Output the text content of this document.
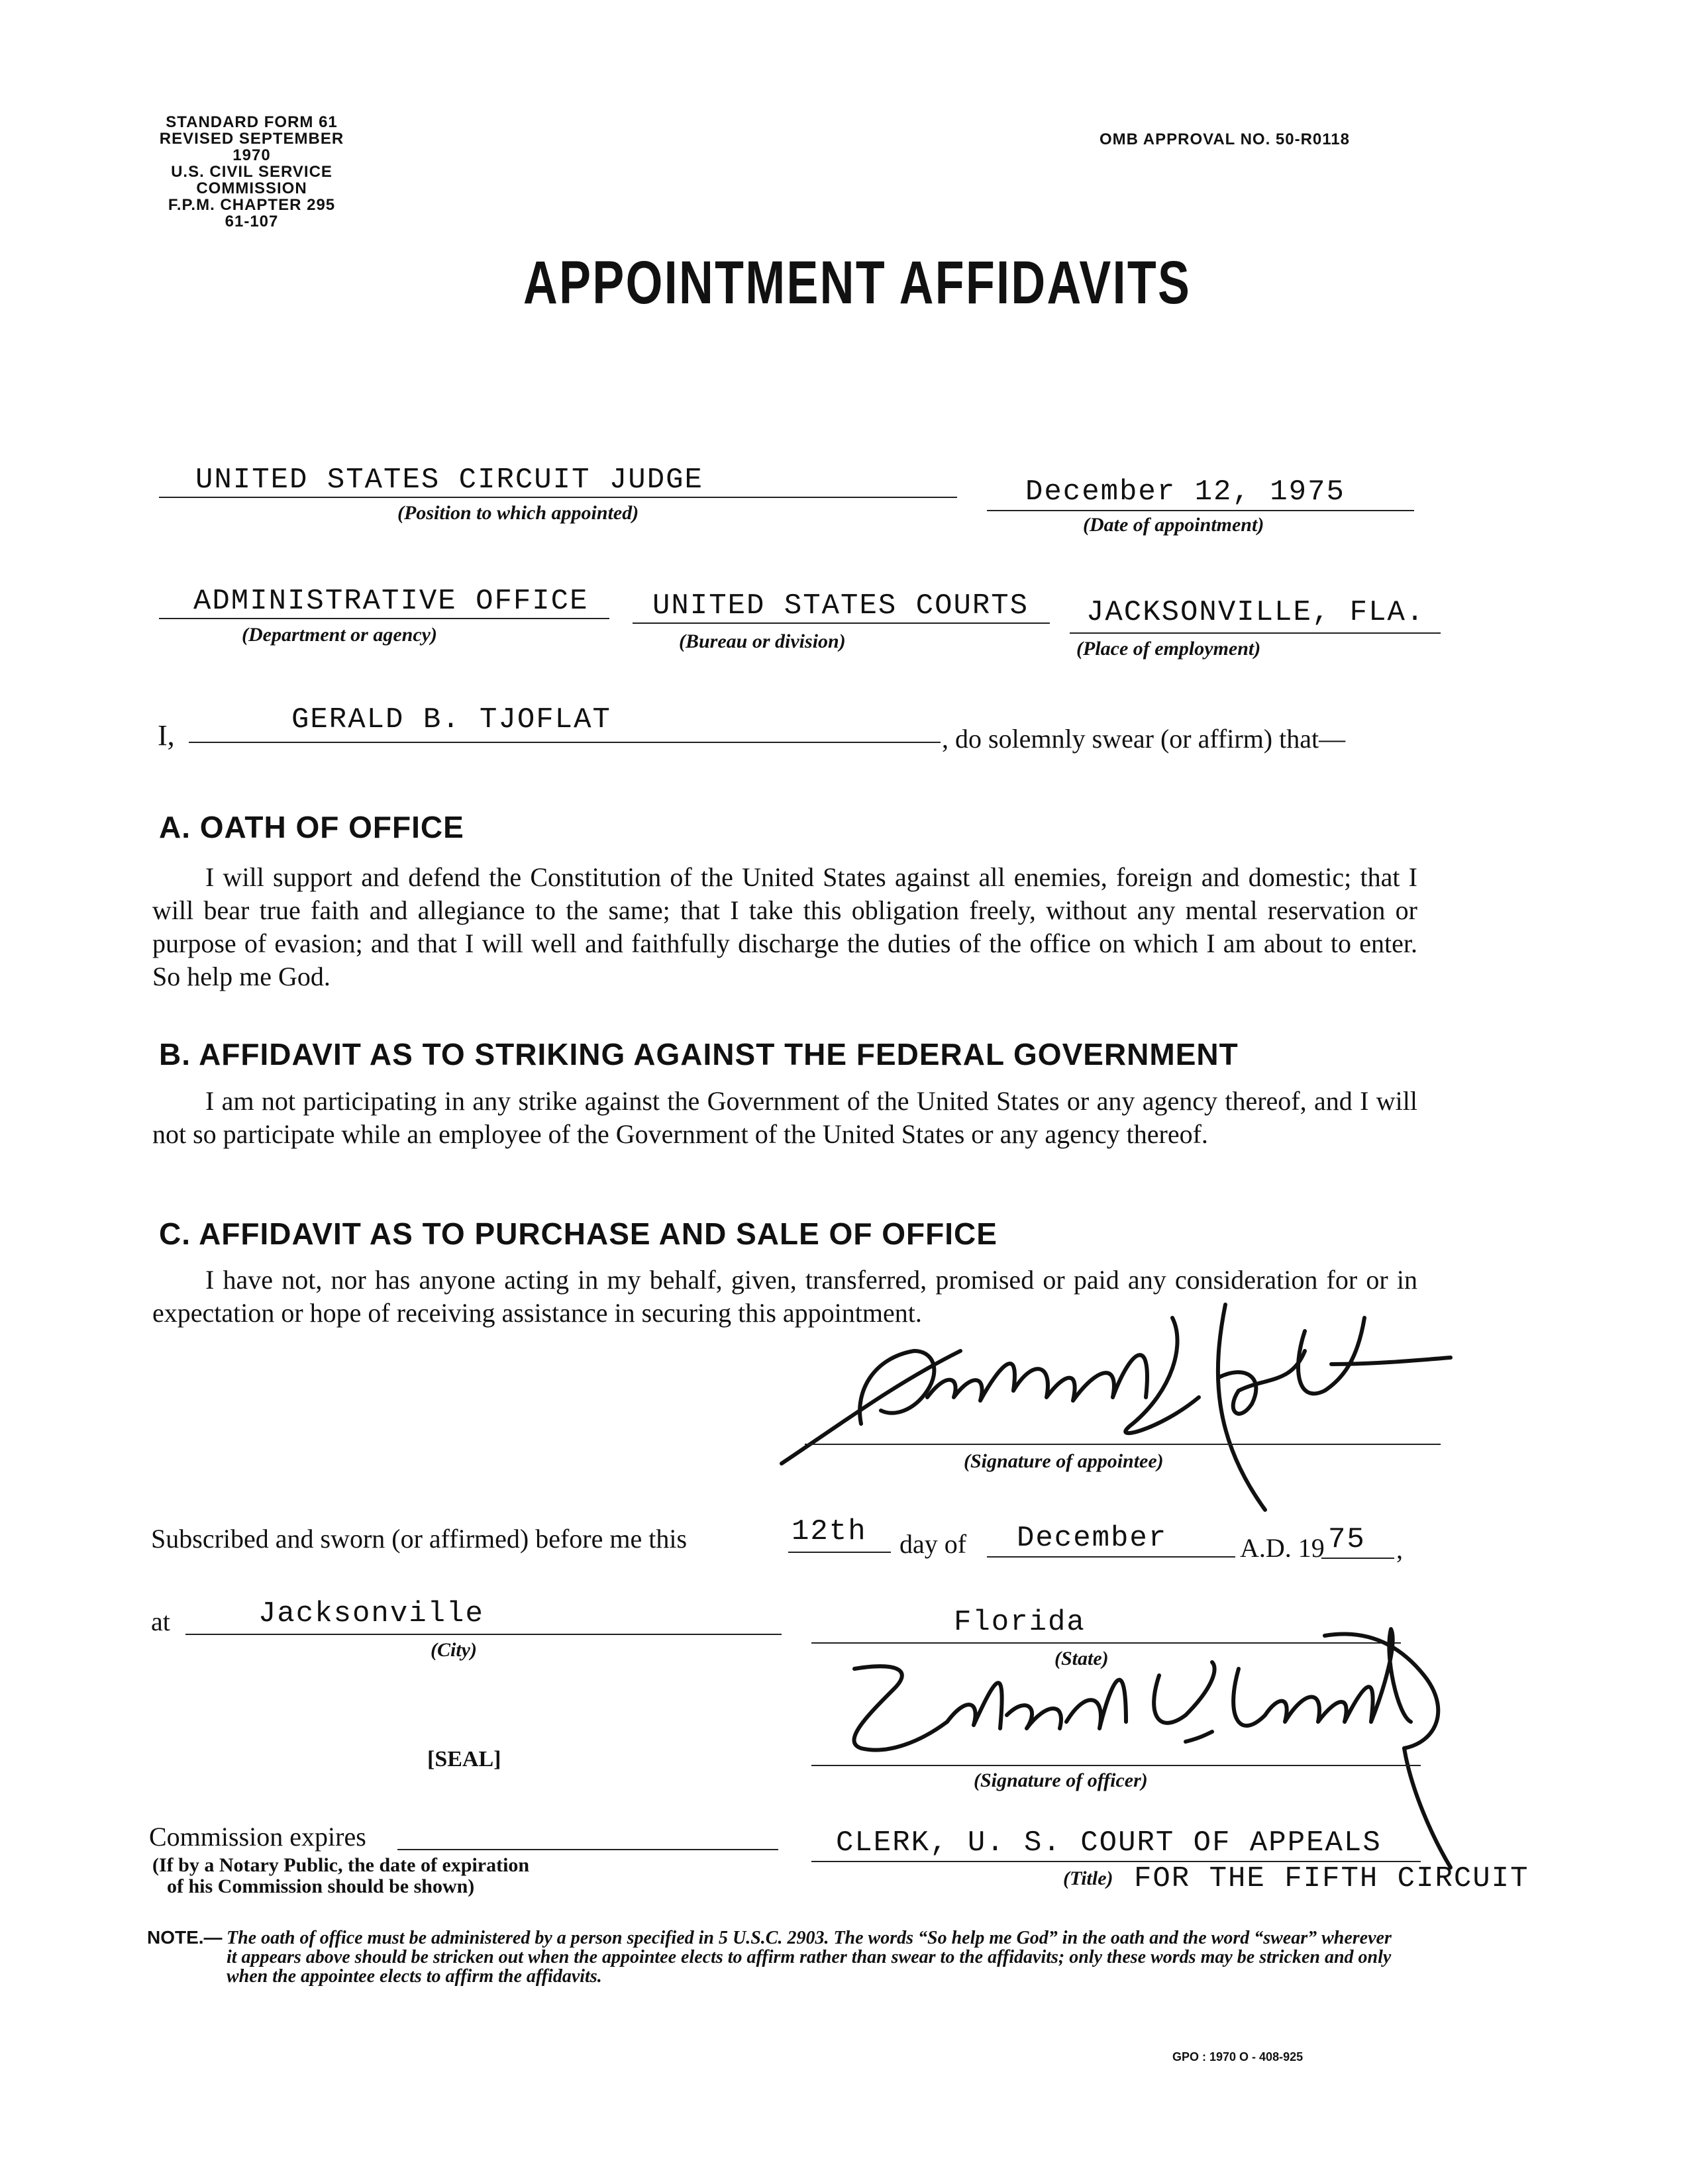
STANDARD FORM 61
REVISED SEPTEMBER 1970
U.S. CIVIL SERVICE COMMISSION
F.P.M. CHAPTER 295
61-107
OMB APPROVAL NO. 50-R0118
APPOINTMENT AFFIDAVITS
UNITED STATES CIRCUIT JUDGE
(Position to which appointed)
December 12, 1975
(Date of appointment)
ADMINISTRATIVE OFFICE
(Department or agency)
UNITED STATES COURTS
(Bureau or division)
JACKSONVILLE, FLA.
(Place of employment)
I,	GERALD B. TJOFLAT
, do solemnly swear (or affirm) that—
A. OATH OF OFFICE

I will support and defend the Constitution of the United States against all enemies, foreign and domestic; that I will bear true faith and allegiance to the same; that I take this obligation freely, without any mental reservation or purpose of evasion; and that I will well and faithfully discharge the duties of the office on which I am about to enter. So help me God.

B. AFFIDAVIT AS TO STRIKING AGAINST THE FEDERAL GOVERNMENT

I am not participating in any strike against the Government of the United States or any agency thereof, and I will not so participate while an employee of the Government of the United States or any agency thereof.

C. AFFIDAVIT AS TO PURCHASE AND SALE OF OFFICE

I have not, nor has anyone acting in my behalf, given, transferred, promised or paid any consideration for or in expectation or hope of receiving assistance in securing this appointment.

(Signature of appointee)
Subscribed and sworn (or affirmed) before me this	12th day of December	A.D. 19 75 ,
at	Jacksonville
(City)
Florida
(State)
[SEAL]
(Signature of officer)
Commission expires
(If by a Notary Public, the date of expiration
of his Commission should be shown)
CLERK, U. S. COURT OF APPEALS
(Title) FOR THE FIFTH CIRCUIT
NOTE.— The oath of office must be administered by a person specified in 5 U.S.C. 2903. The words “So help me God” in the oath and the word “swear” wherever it appears above should be stricken out when the appointee elects to affirm rather than swear to the affidavits; only these words may be stricken and only when the appointee elects to affirm the affidavits.
GPO : 1970 O - 408-925
